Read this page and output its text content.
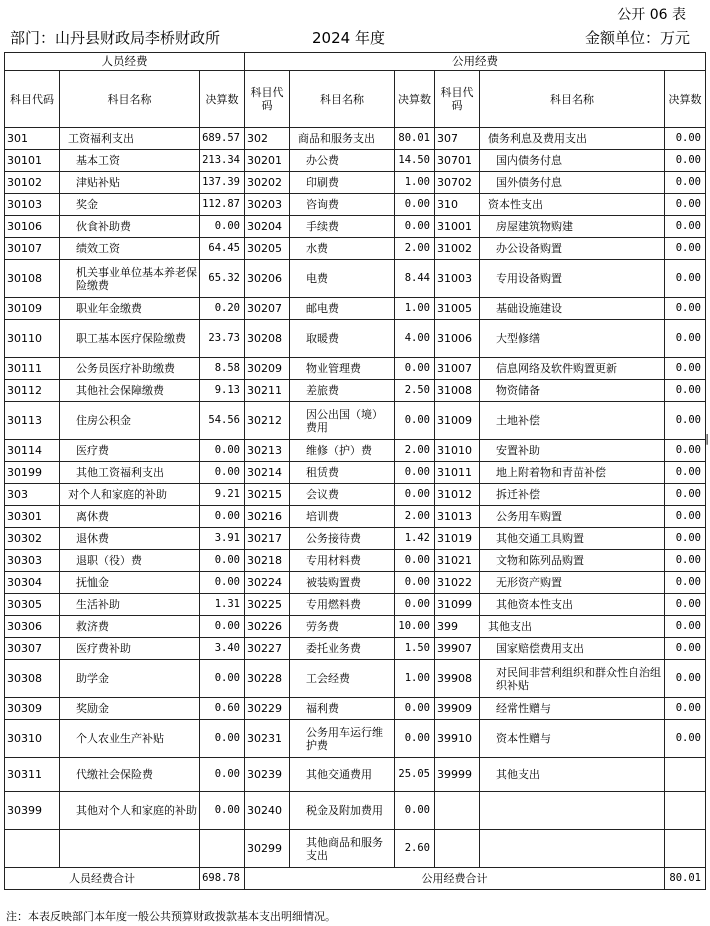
公开 06 表
部门：山丹县财政局李桥财政所	2024 年度	金额单位：万元
人员经费			公用经费					
科目代码	科目名称	决算数	科目代码	科目名称	决算数	科目代码	科目名称	决算数
301	工资福利支出	689.57	302	商品和服务支出	80.01	307	债务利息及费用支出	0.00
30101	基本工资	213.34	30201	办公费	14.50	30701	国内债务付息	0.00
30102	津贴补贴	137.39	30202	印刷费	1.00	30702	国外债务付息	0.00
30103	奖金	112.87	30203	咨询费	0.00	310	资本性支出	0.00
30106	伙食补助费	0.00	30204	手续费	0.00	31001	房屋建筑物购建	0.00
30107	绩效工资	64.45	30205	水费	2.00	31002	办公设备购置	0.00
30108	机关事业单位基本养老保险缴费	65.32	30206	电费	8.44	31003	专用设备购置	0.00
30109	职业年金缴费	0.20	30207	邮电费	1.00	31005	基础设施建设	0.00
30110	职工基本医疗保险缴费	23.73	30208	取暖费	4.00	31006	大型修缮	0.00
30111	公务员医疗补助缴费	8.58	30209	物业管理费	0.00	31007	信息网络及软件购置更新	0.00
30112	其他社会保障缴费	9.13	30211	差旅费	2.50	31008	物资储备	0.00
30113	住房公积金	54.56	30212	因公出国（境）费用	0.00	31009	土地补偿	0.00
30114	医疗费	0.00	30213	维修（护）费	2.00	31010	安置补助	0.00
30199	其他工资福利支出	0.00	30214	租赁费	0.00	31011	地上附着物和青苗补偿	0.00
303	对个人和家庭的补助	9.21	30215	会议费	0.00	31012	拆迁补偿	0.00
30301	离休费	0.00	30216	培训费	2.00	31013	公务用车购置	0.00
30302	退休费	3.91	30217	公务接待费	1.42	31019	其他交通工具购置	0.00
30303	退职（役）费	0.00	30218	专用材料费	0.00	31021	文物和陈列品购置	0.00
30304	抚恤金	0.00	30224	被装购置费	0.00	31022	无形资产购置	0.00
30305	生活补助	1.31	30225	专用燃料费	0.00	31099	其他资本性支出	0.00
30306	救济费	0.00	30226	劳务费	10.00	399	其他支出	0.00
30307	医疗费补助	3.40	30227	委托业务费	1.50	39907	国家赔偿费用支出	0.00
30308	助学金	0.00	30228	工会经费	1.00	39908	对民间非营利组织和群众性自治组织补贴	0.00
30309	奖励金	0.60	30229	福利费	0.00	39909	经常性赠与	0.00
30310	个人农业生产补贴	0.00	30231	公务用车运行维护费	0.00	39910	资本性赠与	0.00
30311	代缴社会保险费	0.00	30239	其他交通费用	25.05	39999	其他支出	
30399	其他对个人和家庭的补助	0.00	30240	税金及附加费用	0.00			
			30299	其他商品和服务支出	2.60			
人员经费合计		698.78	公用经费合计					80.01
注：本表反映部门本年度一般公共预算财政拨款基本支出明细情况。
|
